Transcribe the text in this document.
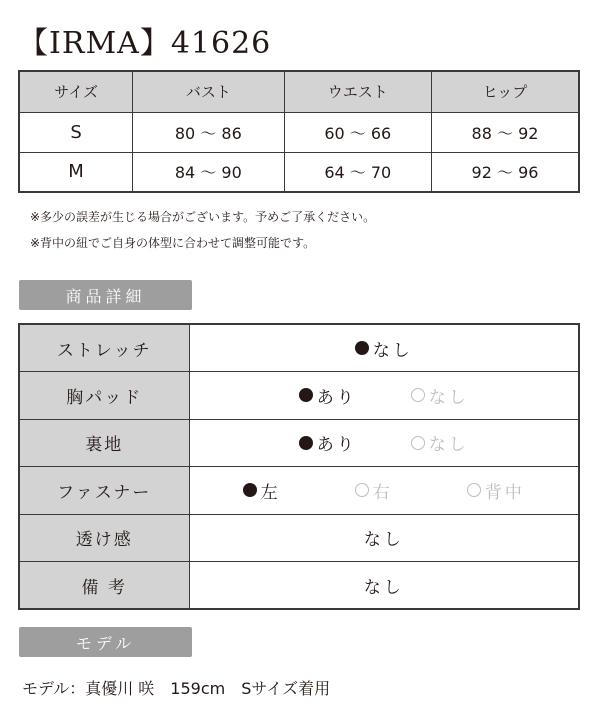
【IRMA】41626
サイズ	バスト	ウエスト	ヒップ
S	80 〜 86	60 〜 66	88 〜 92
M	84 〜 90	64 〜 70	92 〜 96
※多少の誤差が生じる場合がございます。予めご了承ください。
※背中の紐でご自身の体型に合わせて調整可能です。
商品詳細
ストレッチ	なし

胸パッド	あり なし

裏地	あり なし

ファスナー	左 右 背中

透け感	なし

備 考	なし
モデル
モデル：真優川 咲　159cm　Sサイズ着用
